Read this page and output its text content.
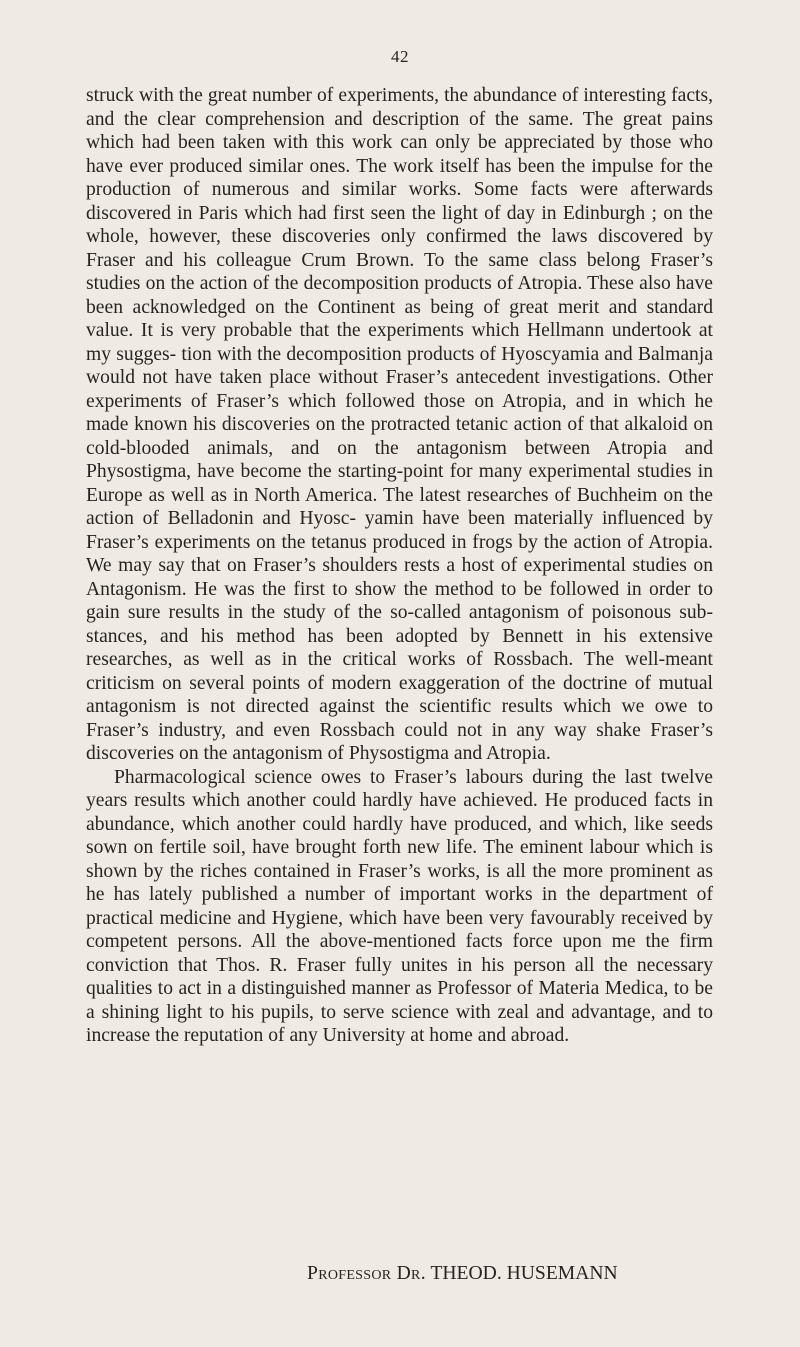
42

struck with the great number of experiments, the abundance of interesting facts, and the clear comprehension and description of the same. The great pains which had been taken with this work can only be appreciated by those who have ever produced similar ones. The work itself has been the impulse for the production of numerous and similar works. Some facts were afterwards discovered in Paris which had first seen the light of day in Edinburgh ; on the whole, however, these discoveries only confirmed the laws discovered by Fraser and his colleague Crum Brown. To the same class belong Fraser’s studies on the action of the decomposition products of Atropia. These also have been acknowledged on the Continent as being of great merit and standard value. It is very probable that the experiments which Hellmann undertook at my sugges- tion with the decomposition products of Hyoscyamia and Balmanja would not have taken place without Fraser’s antecedent investigations. Other experiments of Fraser’s which followed those on Atropia, and in which he made known his discoveries on the protracted tetanic action of that alkaloid on cold-blooded animals, and on the antagonism between Atropia and Physostigma, have become the starting-point for many experimental studies in Europe as well as in North America. The latest researches of Buchheim on the action of Belladonin and Hyosc- yamin have been materially influenced by Fraser’s experiments on the tetanus produced in frogs by the action of Atropia. We may say that on Fraser’s shoulders rests a host of experimental studies on Antagonism. He was the first to show the method to be followed in order to gain sure results in the study of the so-called antagonism of poisonous sub- stances, and his method has been adopted by Bennett in his extensive researches, as well as in the critical works of Rossbach. The well-meant criticism on several points of modern exaggeration of the doctrine of mutual antagonism is not directed against the scientific results which we owe to Fraser’s industry, and even Rossbach could not in any way shake Fraser’s discoveries on the antagonism of Physostigma and Atropia.

Pharmacological science owes to Fraser’s labours during the last twelve years results which another could hardly have achieved. He produced facts in abundance, which another could hardly have produced, and which, like seeds sown on fertile soil, have brought forth new life. The eminent labour which is shown by the riches contained in Fraser’s works, is all the more prominent as he has lately published a number of important works in the department of practical medicine and Hygiene, which have been very favourably received by competent persons. All the above-mentioned facts force upon me the firm conviction that Thos. R. Fraser fully unites in his person all the necessary qualities to act in a distinguished manner as Professor of Materia Medica, to be a shining light to his pupils, to serve science with zeal and advantage, and to increase the reputation of any University at home and abroad.

Professor Dr. THEOD. HUSEMANN
